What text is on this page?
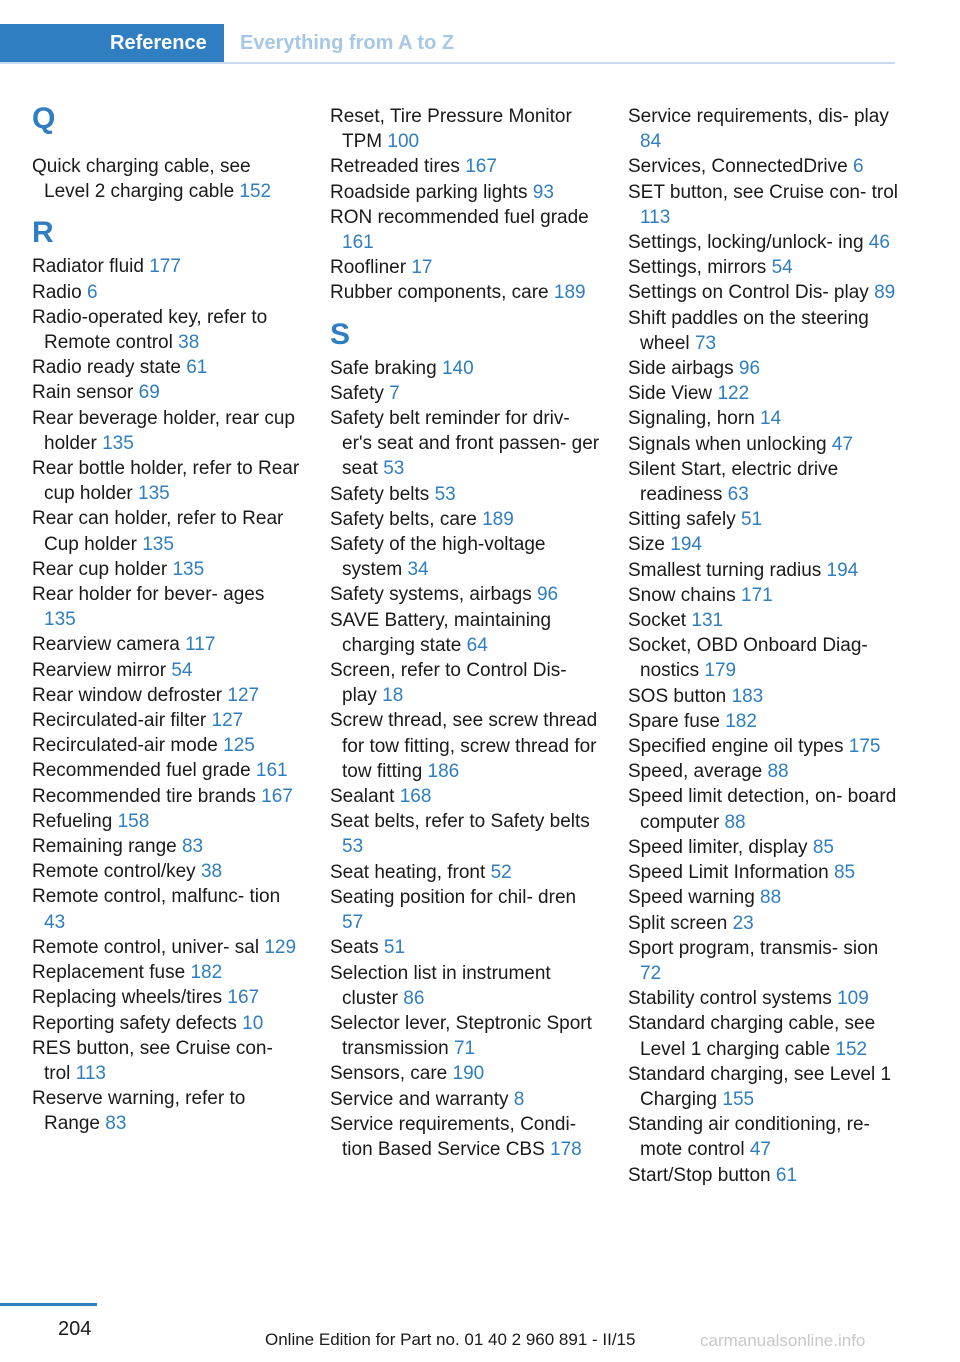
Reference	Everything from A to Z
Q

Quick charging cable, see Level 2 charging cable 152

R

Radiator fluid 177

Radio 6

Radio-operated key, refer to Remote control 38

Radio ready state 61

Rain sensor 69

Rear beverage holder, rear cup holder 135

Rear bottle holder, refer to Rear cup holder 135

Rear can holder, refer to Rear Cup holder 135

Rear cup holder 135

Rear holder for bever- ages 135

Rearview camera 117

Rearview mirror 54

Rear window defroster 127

Recirculated-air filter 127

Recirculated-air mode 125

Recommended fuel grade 161

Recommended tire brands 167

Refueling 158

Remaining range 83

Remote control/key 38

Remote control, malfunc- tion 43

Remote control, univer- sal 129

Replacement fuse 182

Replacing wheels/tires 167

Reporting safety defects 10

RES button, see Cruise con- trol 113

Reserve warning, refer to Range 83

Reset, Tire Pressure Monitor TPM 100

Retreaded tires 167

Roadside parking lights 93

RON recommended fuel grade 161

Roofliner 17

Rubber components, care 189

S

Safe braking 140

Safety 7

Safety belt reminder for driv- er's seat and front passen- ger seat 53

Safety belts 53

Safety belts, care 189

Safety of the high-voltage system 34

Safety systems, airbags 96

SAVE Battery, maintaining charging state 64

Screen, refer to Control Dis- play 18

Screw thread, see screw thread for tow fitting, screw thread for tow fitting 186

Sealant 168

Seat belts, refer to Safety belts 53

Seat heating, front 52

Seating position for chil- dren 57

Seats 51

Selection list in instrument cluster 86

Selector lever, Steptronic Sport transmission 71

Sensors, care 190

Service and warranty 8

Service requirements, Condi- tion Based Service CBS 178

Service requirements, dis- play 84

Services, ConnectedDrive 6

SET button, see Cruise con- trol 113

Settings, locking/unlock- ing 46

Settings, mirrors 54

Settings on Control Dis- play 89

Shift paddles on the steering wheel 73

Side airbags 96

Side View 122

Signaling, horn 14

Signals when unlocking 47

Silent Start, electric drive readiness 63

Sitting safely 51

Size 194

Smallest turning radius 194

Snow chains 171

Socket 131

Socket, OBD Onboard Diag- nostics 179

SOS button 183

Spare fuse 182

Specified engine oil types 175

Speed, average 88

Speed limit detection, on- board computer 88

Speed limiter, display 85

Speed Limit Information 85

Speed warning 88

Split screen 23

Sport program, transmis- sion 72

Stability control systems 109

Standard charging cable, see Level 1 charging cable 152

Standard charging, see Level 1 Charging 155

Standing air conditioning, re- mote control 47

Start/Stop button 61

204	Online Edition for Part no. 01 40 2 960 891 - II/15	carmanualsonline.info
